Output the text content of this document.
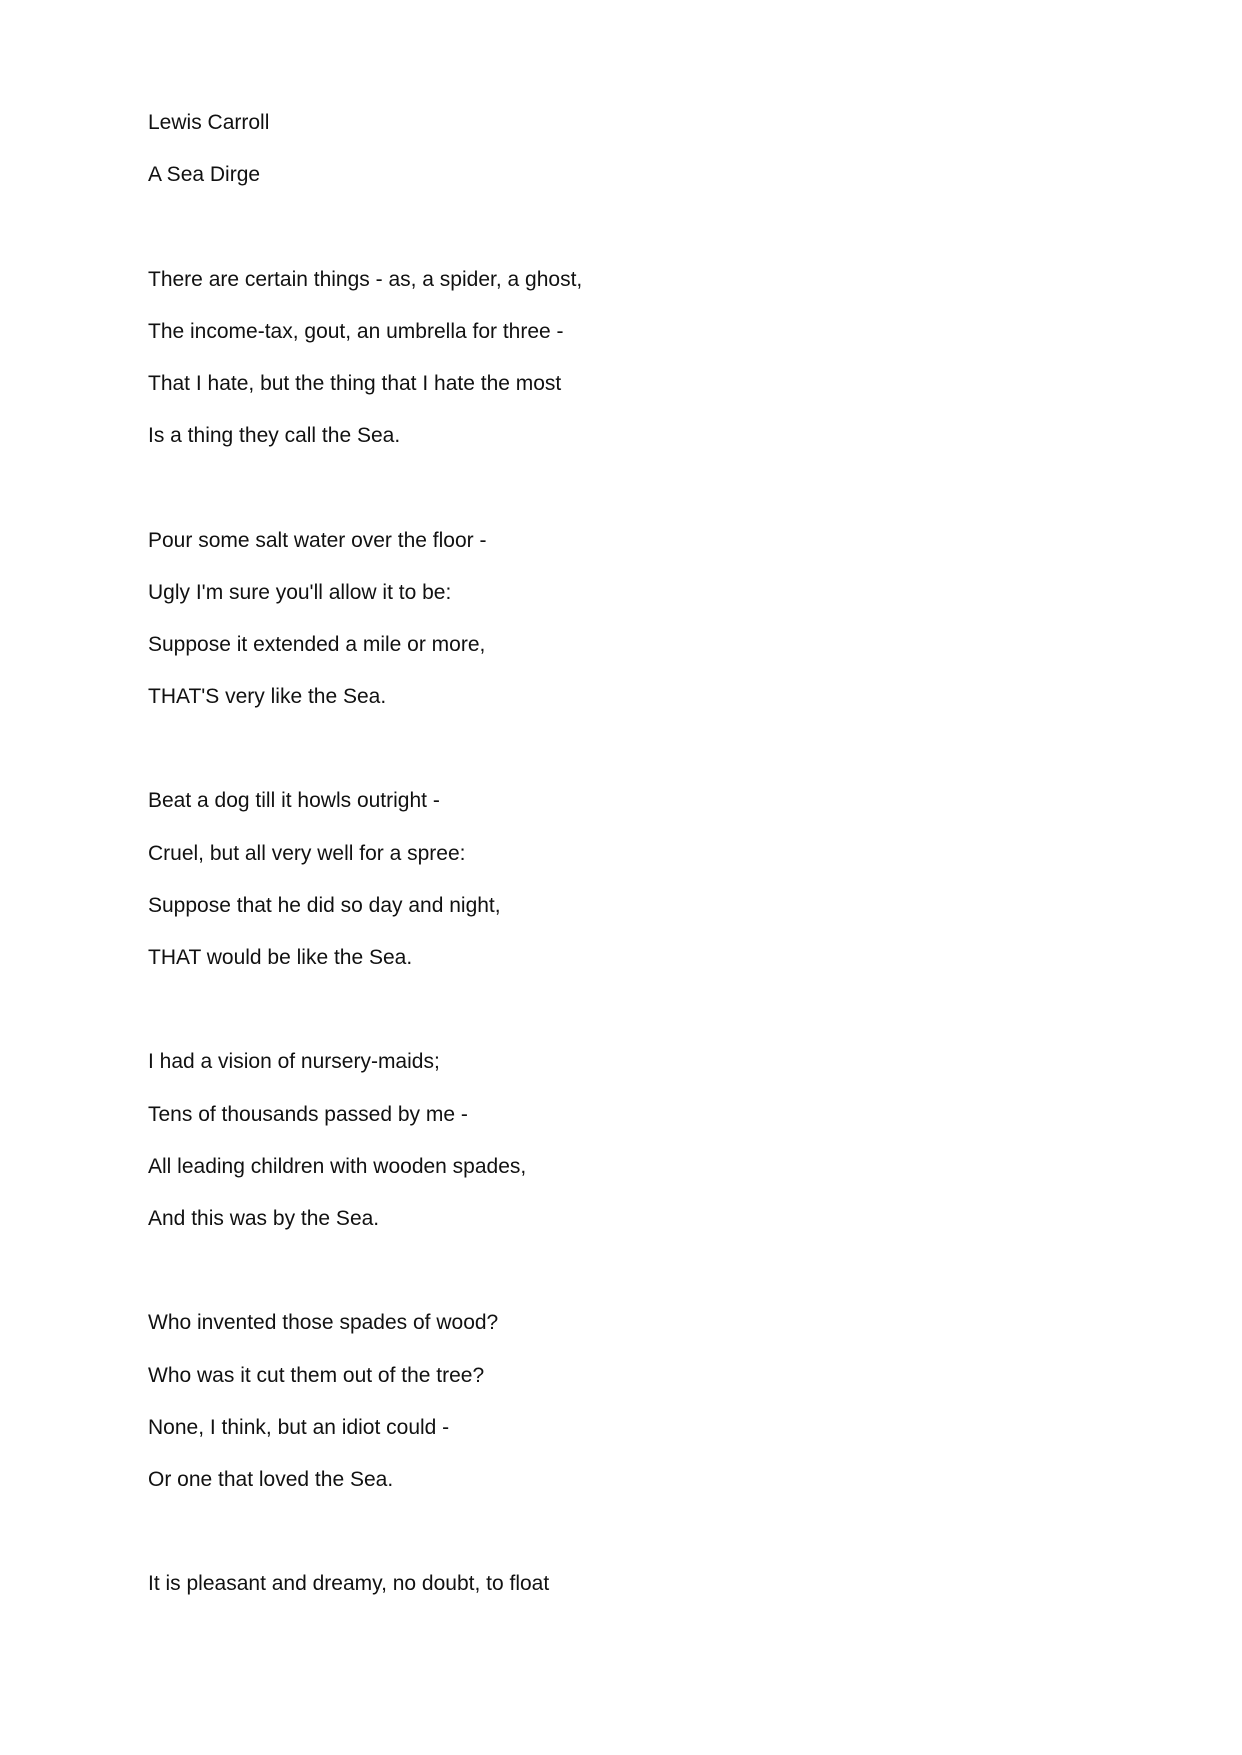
Lewis Carroll
A Sea Dirge
There are certain things - as, a spider, a ghost,
The income-tax, gout, an umbrella for three -
That I hate, but the thing that I hate the most
Is a thing they call the Sea.
Pour some salt water over the floor -
Ugly I'm sure you'll allow it to be:
Suppose it extended a mile or more,
THAT'S very like the Sea.
Beat a dog till it howls outright -
Cruel, but all very well for a spree:
Suppose that he did so day and night,
THAT would be like the Sea.
I had a vision of nursery-maids;
Tens of thousands passed by me -
All leading children with wooden spades,
And this was by the Sea.
Who invented those spades of wood?
Who was it cut them out of the tree?
None, I think, but an idiot could -
Or one that loved the Sea.
It is pleasant and dreamy, no doubt, to float
